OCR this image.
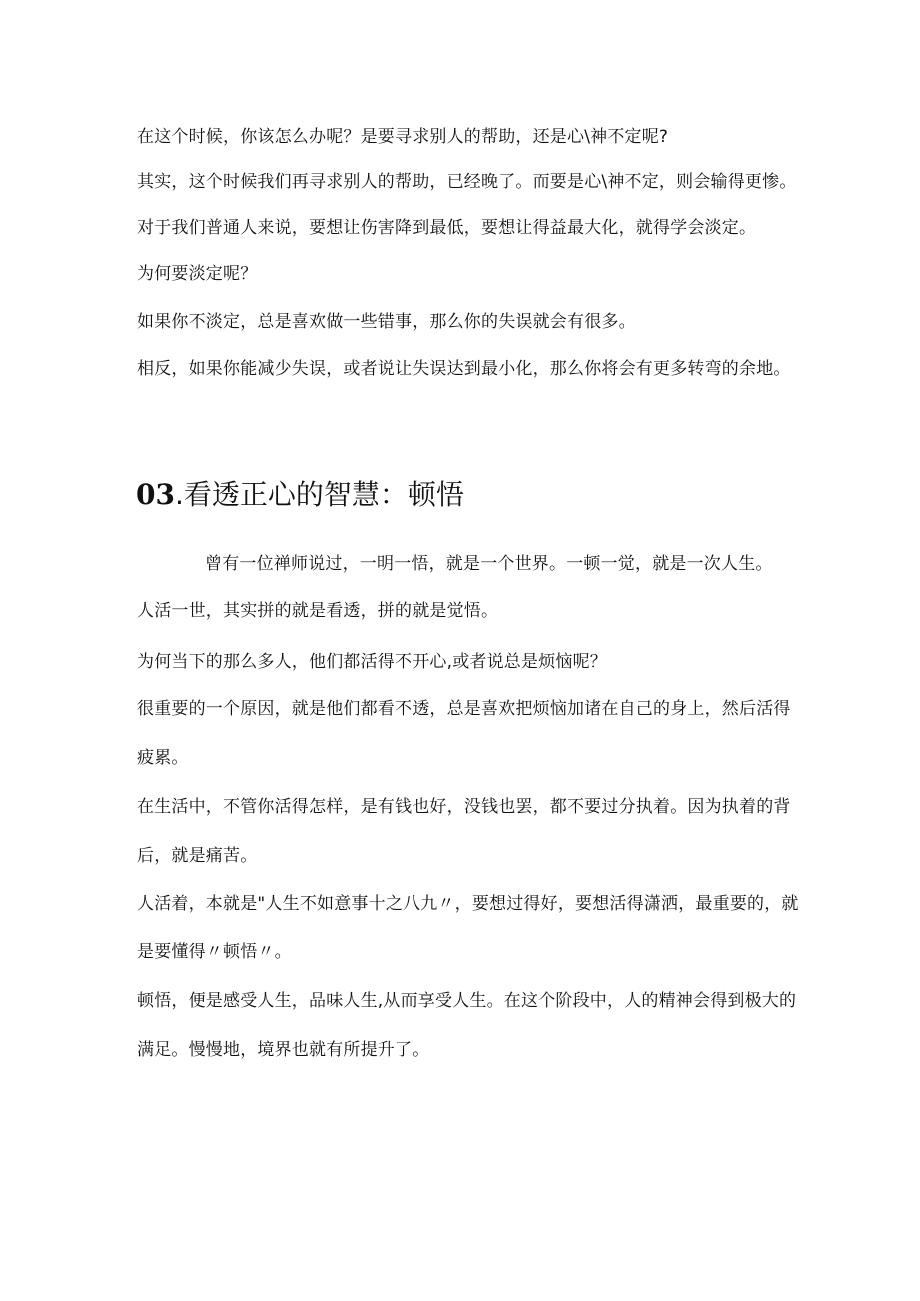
在这个时候，你该怎么办呢？是要寻求别人的帮助，还是心\神不定呢?
其实，这个时候我们再寻求别人的帮助，已经晚了。而要是心\神不定，则会输得更惨。
对于我们普通人来说，要想让伤害降到最低，要想让得益最大化，就得学会淡定。
为何要淡定呢？
如果你不淡定，总是喜欢做一些错事，那么你的失误就会有很多。
相反，如果你能减少失误，或者说让失误达到最小化，那么你将会有更多转弯的余地。
03.看透正心的智慧：顿悟
曾有一位禅师说过，一明一悟，就是一个世界。一顿一觉，就是一次人生。
人活一世，其实拼的就是看透，拼的就是觉悟。
为何当下的那么多人，他们都活得不开心,或者说总是烦恼呢？
很重要的一个原因，就是他们都看不透，总是喜欢把烦恼加诸在自己的身上，然后活得
疲累。
在生活中，不管你活得怎样，是有钱也好，没钱也罢，都不要过分执着。因为执着的背
后，就是痛苦。
人活着，本就是"人生不如意事十之八九〃，要想过得好，要想活得潇洒，最重要的，就
是要懂得〃顿悟〃。
顿悟，便是感受人生，品味人生,从而享受人生。在这个阶段中，人的精神会得到极大的
满足。慢慢地，境界也就有所提升了。
